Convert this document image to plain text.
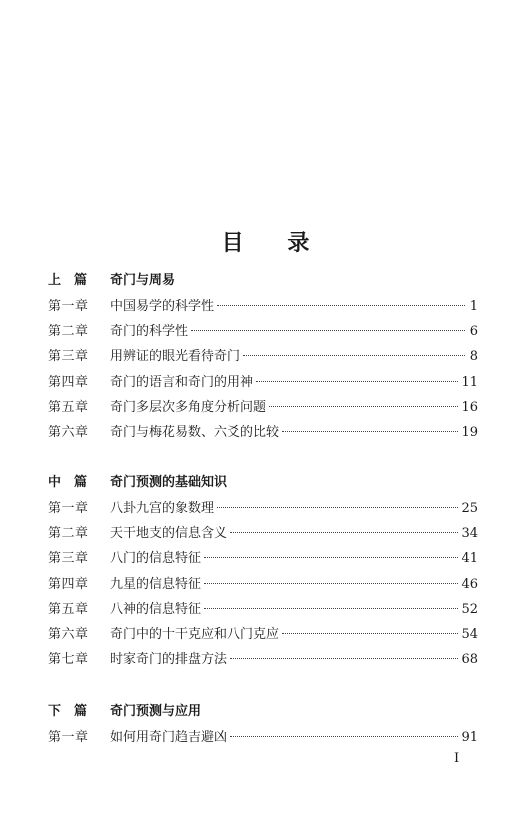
目 录
上 篇 奇门与周易
第一章	中国易学的科学性	1
第二章	奇门的科学性	6
第三章	用辨证的眼光看待奇门	8
第四章	奇门的语言和奇门的用神	11
第五章	奇门多层次多角度分析问题	16
第六章	奇门与梅花易数、六爻的比较	19
中 篇 奇门预测的基础知识
第一章	八卦九宫的象数理	25
第二章	天干地支的信息含义	34
第三章	八门的信息特征	41
第四章	九星的信息特征	46
第五章	八神的信息特征	52
第六章	奇门中的十干克应和八门克应	54
第七章	时家奇门的排盘方法	68
下 篇 奇门预测与应用
第一章	如何用奇门趋吉避凶	91
I
